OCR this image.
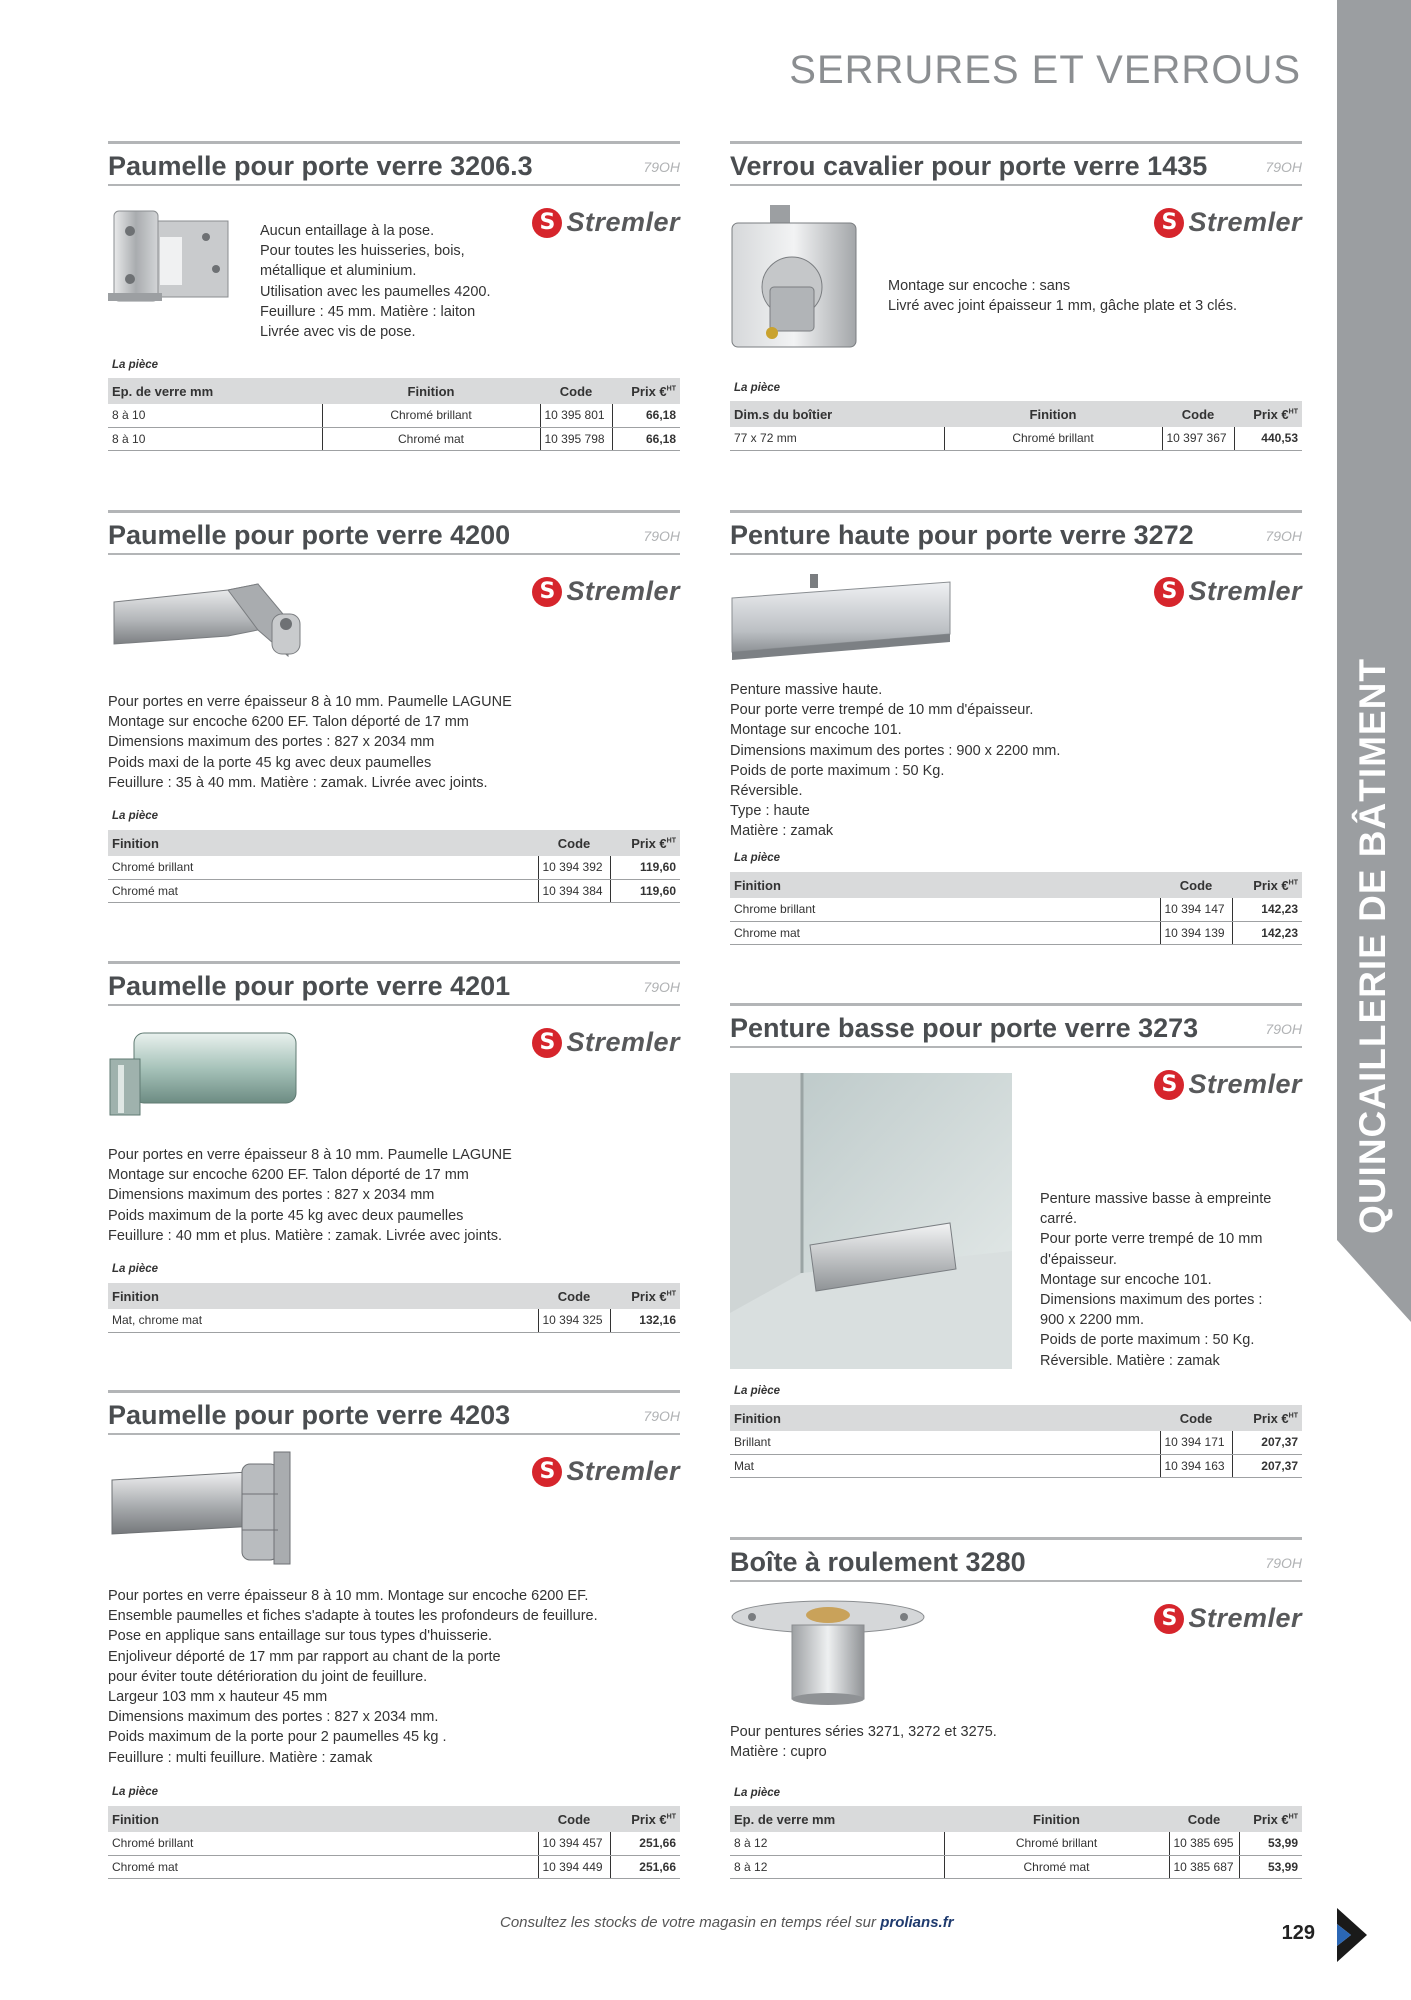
QUINCAILLERIE DE BÂTIMENT
SERRURES ET VERROUS
Paumelle pour porte verre 3206.3	79OH

Aucun entaillage à la pose.

Pour toutes les huisseries, bois,

métallique et aluminium.

Utilisation avec les paumelles 4200.

Feuillure : 45 mm. Matière : laiton

Livrée avec vis de pose.

S
Stremler
La pièce
Ep. de verre mm	Finition	Code	Prix €$^{HT}$
8 à 10	Chromé brillant	10 395 801	66,18
8 à 10	Chromé mat	10 395 798	66,18
Paumelle pour porte verre 4200	79OH
S
Stremler

Pour portes en verre épaisseur 8 à 10 mm. Paumelle LAGUNE

Montage sur encoche 6200 EF. Talon déporté de 17 mm

Dimensions maximum des portes : 827 x 2034 mm

Poids maxi de la porte 45 kg avec deux paumelles

Feuillure : 35 à 40 mm. Matière : zamak. Livrée avec joints.

La pièce
Finition	Code	Prix €$^{HT}$
Chromé brillant	10 394 392	119,60
Chromé mat	10 394 384	119,60
Paumelle pour porte verre 4201	79OH
S
Stremler

Pour portes en verre épaisseur 8 à 10 mm. Paumelle LAGUNE

Montage sur encoche 6200 EF. Talon déporté de 17 mm

Dimensions maximum des portes : 827 x 2034 mm

Poids maximum de la porte 45 kg avec deux paumelles

Feuillure : 40 mm et plus. Matière : zamak. Livrée avec joints.

La pièce
Finition	Code	Prix €$^{HT}$
Mat, chrome mat	10 394 325	132,16
Paumelle pour porte verre 4203	79OH
S
Stremler

Pour portes en verre épaisseur 8 à 10 mm. Montage sur encoche 6200 EF.

Ensemble paumelles et fiches s'adapte à toutes les profondeurs de feuillure.

Pose en applique sans entaillage sur tous types d'huisserie.

Enjoliveur déporté de 17 mm par rapport au chant de la porte

pour éviter toute détérioration du joint de feuillure.

Largeur 103 mm x hauteur 45 mm

Dimensions maximum des portes : 827 x 2034 mm.

Poids maximum de la porte pour 2 paumelles 45 kg .

Feuillure : multi feuillure. Matière : zamak

La pièce
Finition	Code	Prix €$^{HT}$
Chromé brillant	10 394 457	251,66
Chromé mat	10 394 449	251,66
Verrou cavalier pour porte verre 1435	79OH

Montage sur encoche : sans

Livré avec joint épaisseur 1 mm, gâche plate et 3 clés.

S
Stremler
La pièce
Dim.s du boîtier	Finition	Code	Prix €$^{HT}$
77 x 72 mm	Chromé brillant	10 397 367	440,53
Penture haute pour porte verre 3272	79OH
S
Stremler

Penture massive haute.

Pour porte verre trempé de 10 mm d'épaisseur.

Montage sur encoche 101.

Dimensions maximum des portes : 900 x 2200 mm.

Poids de porte maximum : 50 Kg.

Réversible.

Type : haute

Matière : zamak

La pièce
Finition	Code	Prix €$^{HT}$
Chrome brillant	10 394 147	142,23
Chrome mat	10 394 139	142,23
Penture basse pour porte verre 3273	79OH
S
Stremler

Penture massive basse à empreinte

carré.

Pour porte verre trempé de 10 mm

d'épaisseur.

Montage sur encoche 101.

Dimensions maximum des portes :

900 x 2200 mm.

Poids de porte maximum : 50 Kg.

Réversible. Matière : zamak

La pièce
Finition	Code	Prix €$^{HT}$
Brillant	10 394 171	207,37
Mat	10 394 163	207,37
Boîte à roulement 3280	79OH
S
Stremler

Pour pentures séries 3271, 3272 et 3275.

Matière : cupro

La pièce
Ep. de verre mm	Finition	Code	Prix €$^{HT}$
8 à 12	Chromé brillant	10 385 695	53,99
8 à 12	Chromé mat	10 385 687	53,99
Consultez les stocks de votre magasin en temps réel sur prolians.fr	129
